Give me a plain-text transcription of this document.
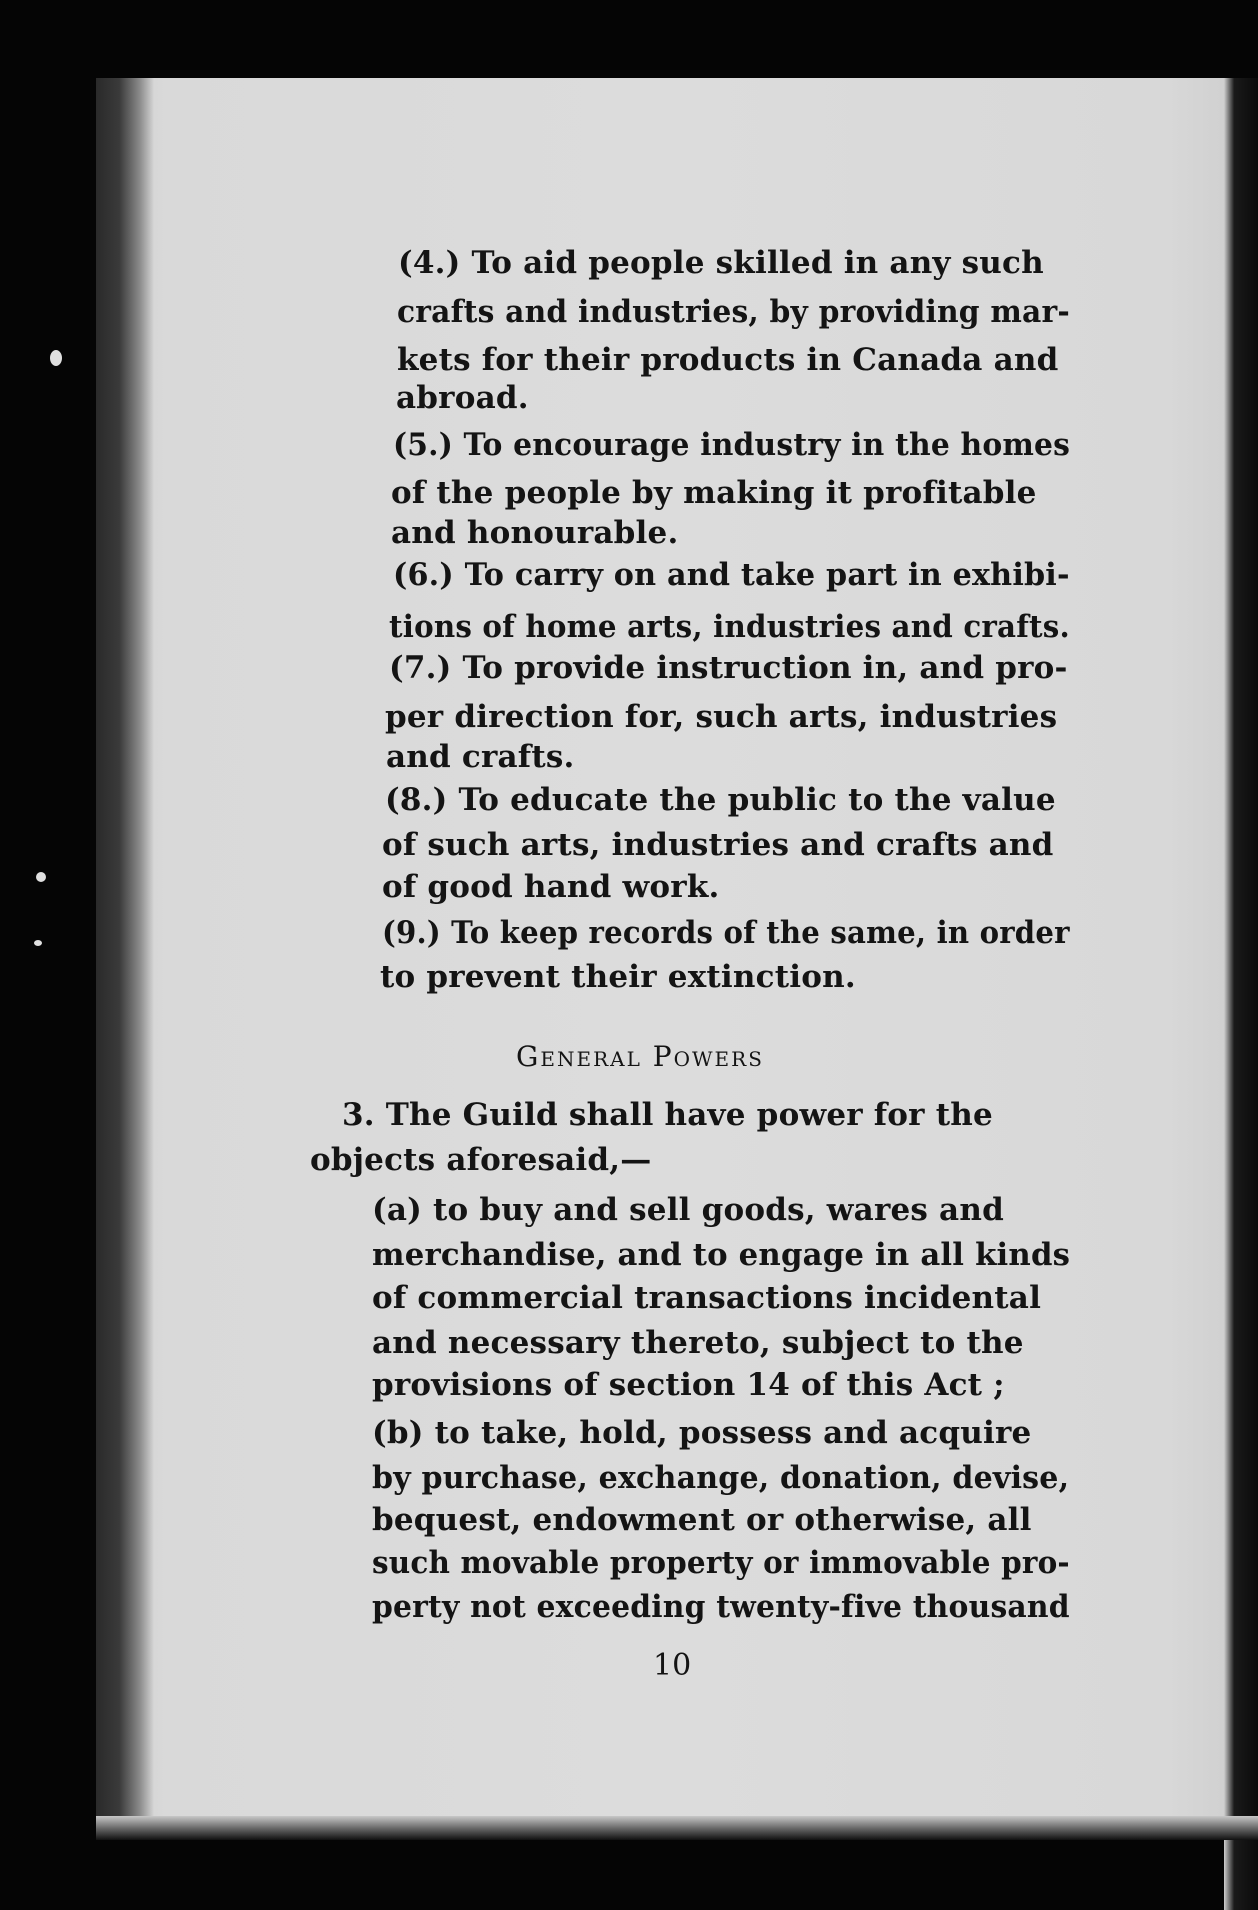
(4.) To aid people skilled in any such
crafts and industries, by providing mar-
kets for their products in Canada and
abroad.
(5.) To encourage industry in the homes
of the people by making it profitable
and honourable.
(6.) To carry on and take part in exhibi-
tions of home arts, industries and crafts.
(7.) To provide instruction in, and pro-
per direction for, such arts, industries
and crafts.
(8.) To educate the public to the value
of such arts, industries and crafts and
of good hand work.
(9.) To keep records of the same, in order
to prevent their extinction.
General Powers
3. The Guild shall have power for the
objects aforesaid,—
(a) to buy and sell goods, wares and
merchandise, and to engage in all kinds
of commercial transactions incidental
and necessary thereto, subject to the
provisions of section 14 of this Act ;
(b) to take, hold, possess and acquire
by purchase, exchange, donation, devise,
bequest, endowment or otherwise, all
such movable property or immovable pro-
perty not exceeding twenty-five thousand
10
